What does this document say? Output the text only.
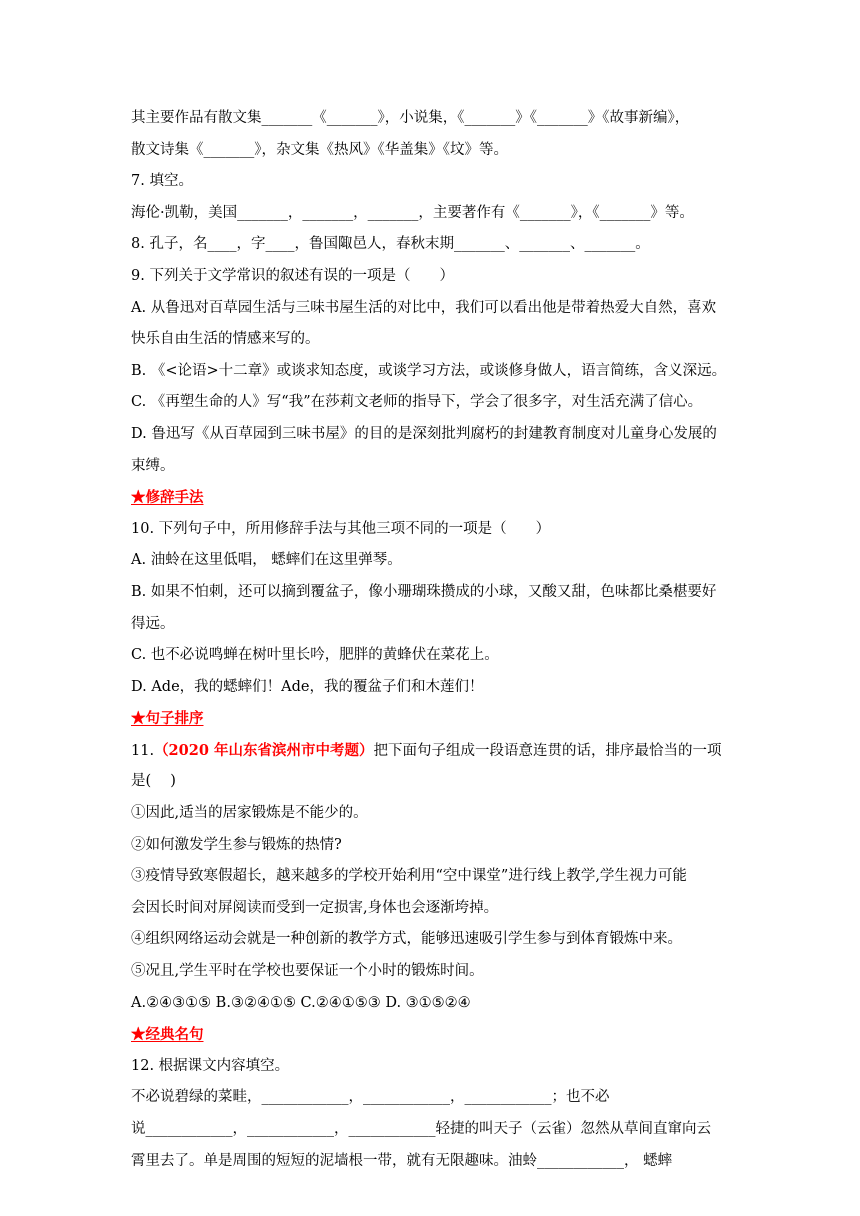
其主要作品有散文集_______《_______》，小说集，《_______》《_______》《故事新编》，
散文诗集《_______》，杂文集《热风》《华盖集》《坟》等。
7. 填空。
海伦·凯勒，美国_______，_______，_______，主要著作有《_______》，《_______》等。
8. 孔子，名____，字____，鲁国陬邑人，春秋末期_______、_______、_______。
9. 下列关于文学常识的叙述有误的一项是（　　）
A. 从鲁迅对百草园生活与三味书屋生活的对比中，我们可以看出他是带着热爱大自然，喜欢
快乐自由生活的情感来写的。
B. 《<论语>十二章》或谈求知态度，或谈学习方法，或谈修身做人，语言简练，含义深远。
C. 《再塑生命的人》写“我”在莎莉文老师的指导下，学会了很多字，对生活充满了信心。
D. 鲁迅写《从百草园到三味书屋》的目的是深刻批判腐朽的封建教育制度对儿童身心发展的
束缚。
★修辞手法
10. 下列句子中，所用修辞手法与其他三项不同的一项是（　　）
A. 油蛉在这里低唱， 蟋蟀们在这里弹琴。
B. 如果不怕刺，还可以摘到覆盆子，像小珊瑚珠攒成的小球，又酸又甜，色味都比桑椹要好
得远。
C. 也不必说鸣蝉在树叶里长吟，肥胖的黄蜂伏在菜花上。
D. Ade，我的蟋蟀们！Ade，我的覆盆子们和木莲们！
★句子排序
11.（2020 年山东省滨州市中考题）把下面句子组成一段语意连贯的话，排序最恰当的一项
是(　 )
①因此,适当的居家锻炼是不能少的。
②如何激发学生参与锻炼的热情?
③疫情导致寒假超长，越来越多的学校开始利用“空中课堂”进行线上教学,学生视力可能
会因长时间对屏阅读而受到一定损害,身体也会逐渐垮掉。
④组织网络运动会就是一种创新的教学方式，能够迅速吸引学生参与到体育锻炼中来。
⑤况且,学生平时在学校也要保证一个小时的锻炼时间。
A.②④③①⑤ B.③②④①⑤ C.②④①⑤③ D. ③①⑤②④
★经典名句
12. 根据课文内容填空。
不必说碧绿的菜畦，____________，____________，____________；也不必
说____________，____________，____________轻捷的叫天子（云雀）忽然从草间直窜向云
霄里去了。单是周围的短短的泥墙根一带，就有无限趣味。油蛉____________， 蟋蟀
